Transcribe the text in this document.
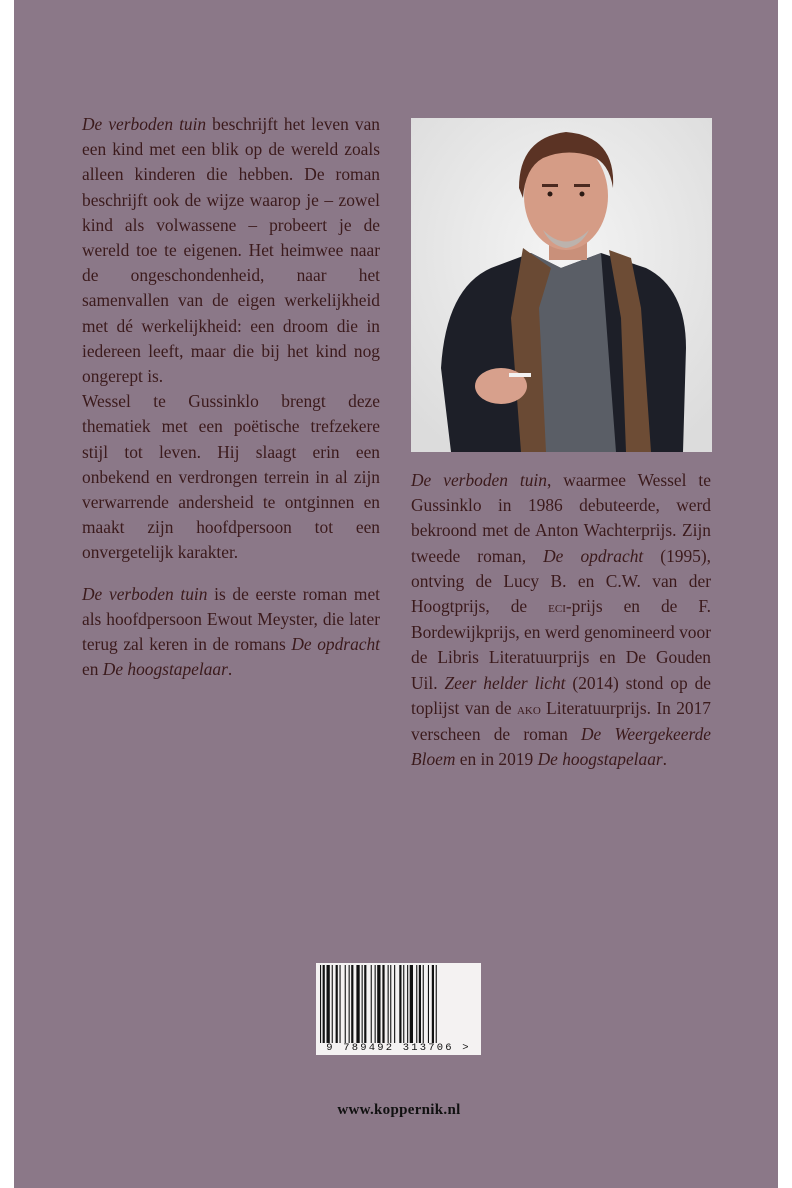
De verboden tuin beschrijft het leven van een kind met een blik op de wereld zoals alleen kinderen die hebben. De roman beschrijft ook de wijze waarop je – zowel kind als volwassene – probeert je de wereld toe te eigenen. Het heimwee naar de ongeschondenheid, naar het samenvallen van de eigen werkelijkheid met dé werkelijkheid: een droom die in iedereen leeft, maar die bij het kind nog ongerept is.

Wessel te Gussinklo brengt deze thematiek met een poëtische trefzekere stijl tot leven. Hij slaagt erin een onbekend en verdrongen terrein in al zijn verwarrende andersheid te ontginnen en maakt zijn hoofdpersoon tot een onvergetelijk karakter.

De verboden tuin is de eerste roman met als hoofdpersoon Ewout Meyster, die later terug zal keren in de romans De opdracht en De hoogstapelaar.

De verboden tuin, waarmee Wessel te Gussinklo in 1986 debuteerde, werd bekroond met de Anton Wachterprijs. Zijn tweede roman, De opdracht (1995), ontving de Lucy B. en C.W. van der Hoogtprijs, de eci-prijs en de F. Bordewijkprijs, en werd genomineerd voor de Libris Literatuurprijs en De Gouden Uil. Zeer helder licht (2014) stond op de toplijst van de ako Literatuurprijs. In 2017 verscheen de roman De Weergekeerde Bloem en in 2019 De hoogstapelaar.

9 789492 313706 >
www.koppernik.nl
